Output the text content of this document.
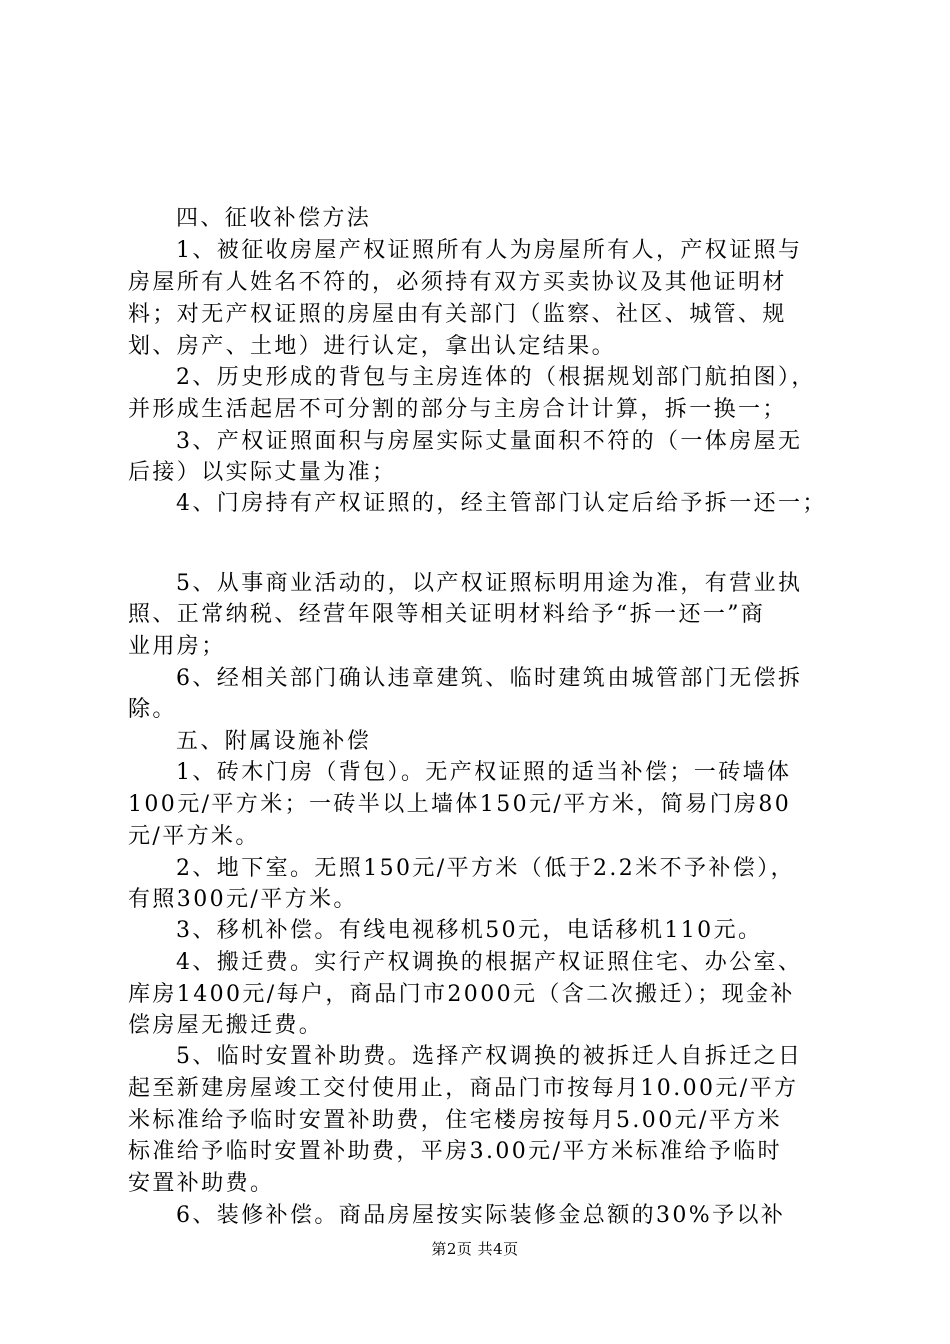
四、征收补偿方法
1、被征收房屋产权证照所有人为房屋所有人，产权证照与
房屋所有人姓名不符的，必须持有双方买卖协议及其他证明材
料；对无产权证照的房屋由有关部门（监察、社区、城管、规
划、房产、土地）进行认定，拿出认定结果。
2、历史形成的背包与主房连体的（根据规划部门航拍图），
并形成生活起居不可分割的部分与主房合计计算，拆一换一；
3、产权证照面积与房屋实际丈量面积不符的（一体房屋无
后接）以实际丈量为准；
4、门房持有产权证照的，经主管部门认定后给予拆一还一；
5、从事商业活动的，以产权证照标明用途为准，有营业执
照、正常纳税、经营年限等相关证明材料给予“拆一还一”商
业用房；
6、经相关部门确认违章建筑、临时建筑由城管部门无偿拆
除。
五、附属设施补偿
1、砖木门房（背包）。无产权证照的适当补偿；一砖墙体
100元/平方米；一砖半以上墙体150元/平方米，简易门房80
元/平方米。
2、地下室。无照150元/平方米（低于2.2米不予补偿），
有照300元/平方米。
3、移机补偿。有线电视移机50元，电话移机110元。
4、搬迁费。实行产权调换的根据产权证照住宅、办公室、
库房1400元/每户，商品门市2000元（含二次搬迁）；现金补
偿房屋无搬迁费。
5、临时安置补助费。选择产权调换的被拆迁人自拆迁之日
起至新建房屋竣工交付使用止，商品门市按每月10.00元/平方
米标准给予临时安置补助费，住宅楼房按每月5.00元/平方米
标准给予临时安置补助费，平房3.00元/平方米标准给予临时
安置补助费。
6、装修补偿。商品房屋按实际装修金总额的30%予以补
第2页 共4页
